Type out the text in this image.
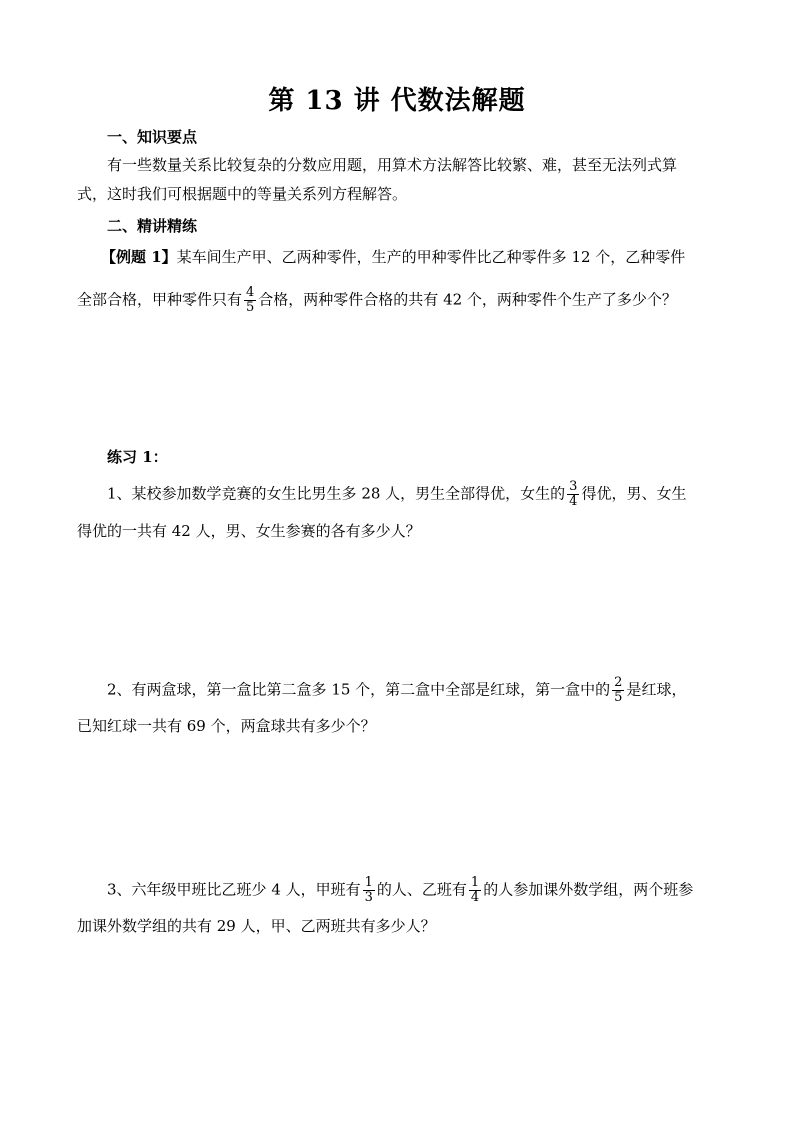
第 13 讲 代数法解题
一、知识要点
有一些数量关系比较复杂的分数应用题，用算术方法解答比较繁、难，甚至无法列式算
式，这时我们可根据题中的等量关系列方程解答。
二、精讲精练
【例题 1】某车间生产甲、乙两种零件，生产的甲种零件比乙种零件多 12 个，乙种零件
全部合格，甲种零件只有 $\frac{4}{5}$ 合格，两种零件合格的共有 42 个，两种零件个生产了多少个？
练习 1：
1、某校参加数学竞赛的女生比男生多 28 人，男生全部得优，女生的 $\frac{3}{4}$ 得优，男、女生
得优的一共有 42 人，男、女生参赛的各有多少人？
2、有两盒球，第一盒比第二盒多 15 个，第二盒中全部是红球，第一盒中的 $\frac{2}{5}$ 是红球，
已知红球一共有 69 个，两盒球共有多少个？
3、六年级甲班比乙班少 4 人，甲班有 $\frac{1}{3}$ 的人、乙班有 $\frac{1}{4}$ 的人参加课外数学组，两个班参
加课外数学组的共有 29 人，甲、乙两班共有多少人？
